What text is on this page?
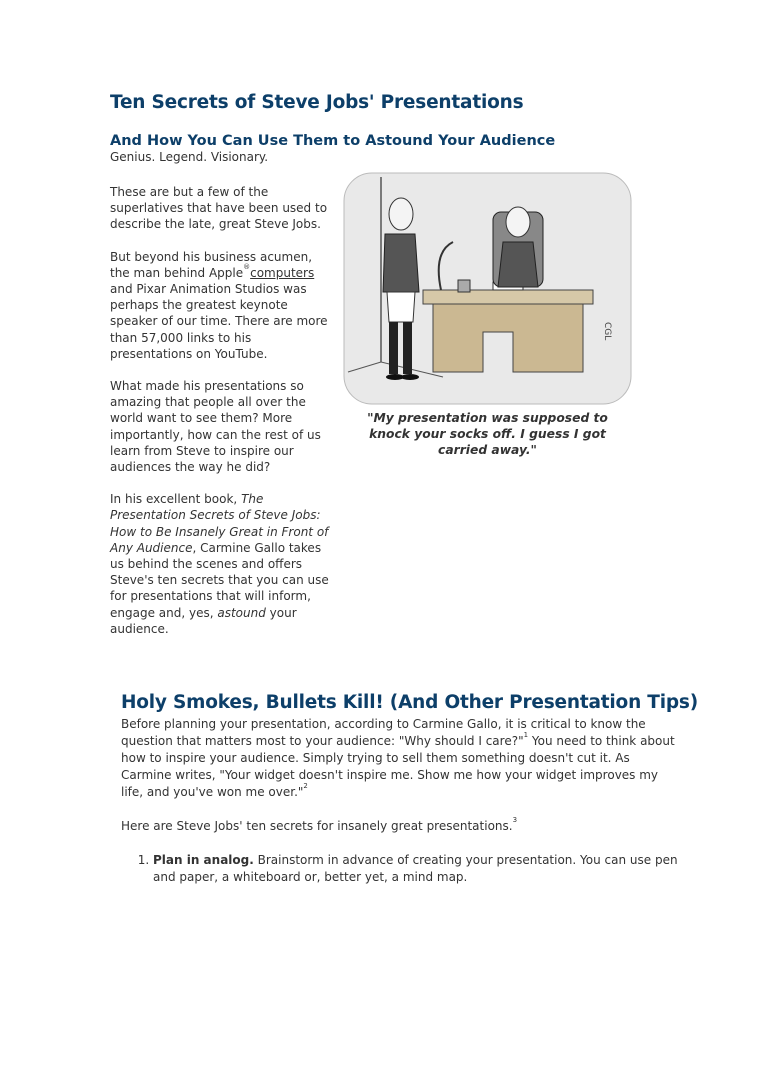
Ten Secrets of Steve Jobs' Presentations
And How You Can Use Them to Astound Your Audience

Genius. Legend. Visionary.

These are but a few of the superlatives that have been used to describe the late, great Steve Jobs.

But beyond his business acumen, the man behind Apple®computers and Pixar Animation Studios was perhaps the greatest keynote speaker of our time. There are more than 57,000 links to his presentations on YouTube.

What made his presentations so amazing that people all over the world want to see them? More importantly, how can the rest of us learn from Steve to inspire our audiences the way he did?

In his excellent book, The Presentation Secrets of Steve Jobs: How to Be Insanely Great in Front of Any Audience, Carmine Gallo takes us behind the scenes and offers Steve's ten secrets that you can use for presentations that will inform, engage and, yes, astound your audience.

CGL
"My presentation was supposed to knock your socks off. I guess I got carried away."
Holy Smokes, Bullets Kill! (And Other Presentation Tips)

Before planning your presentation, according to Carmine Gallo, it is critical to know the question that matters most to your audience: "Why should I care?"$^1$ You need to think about how to inspire your audience. Simply trying to sell them something doesn't cut it. As Carmine writes, "Your widget doesn't inspire me. Show me how your widget improves my life, and you've won me over."$^2$

Here are Steve Jobs' ten secrets for insanely great presentations.$^3$

1. Plan in analog. Brainstorm in advance of creating your presentation. You can use pen and paper, a whiteboard or, better yet, a mind map.
